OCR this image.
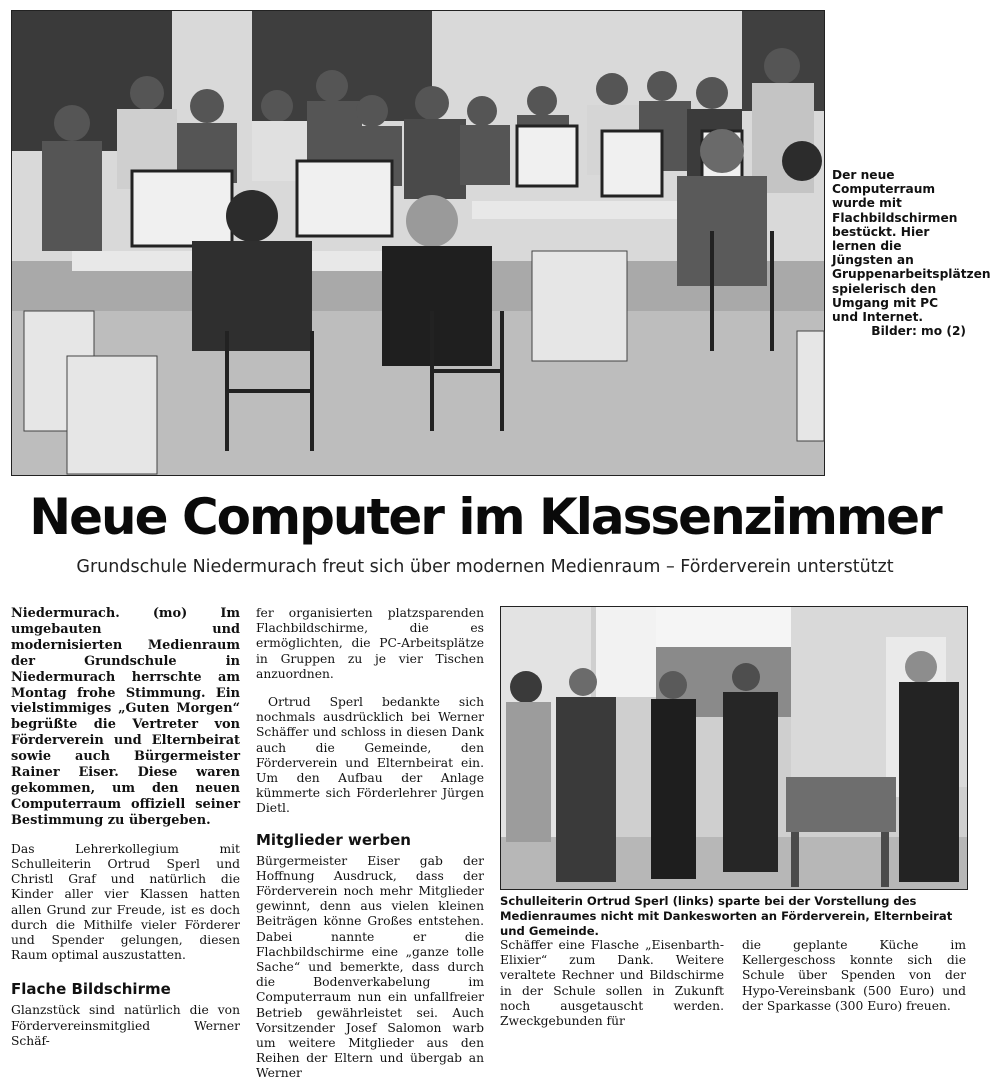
Der neue Computerraum wurde mit Flachbildschirmen bestückt. Hier lernen die Jüngsten an Gruppenarbeitsplätzen spielerisch den Umgang mit PC und Internet.
Bilder: mo (2)
Neue Computer im Klassenzimmer
Grundschule Niedermurach freut sich über modernen Medienraum – Förderverein unterstützt

Niedermurach. (mo) Im umgebauten und modernisierten Medienraum der Grundschule in Niedermurach herrschte am Montag frohe Stimmung. Ein vielstimmiges „Guten Morgen“ begrüßte die Vertreter von Förderverein und Elternbeirat sowie auch Bürgermeister Rainer Eiser. Diese waren gekommen, um den neuen Computerraum offiziell seiner Bestimmung zu übergeben.

Das Lehrerkollegium mit Schulleiterin Ortrud Sperl und Christl Graf und natürlich die Kinder aller vier Klassen hatten allen Grund zur Freude, ist es doch durch die Mithilfe vieler Förderer und Spender gelungen, diesen Raum optimal auszustatten.

Flache Bildschirme

Glanzstück sind natürlich die von Fördervereinsmitglied Werner Schäf-

fer organisierten platzsparenden Flachbildschirme, die es ermöglichten, die PC-Arbeitsplätze in Gruppen zu je vier Tischen anzuordnen.

Ortrud Sperl bedankte sich nochmals ausdrücklich bei Werner Schäffer und schloss in diesen Dank auch die Gemeinde, den Förderverein und Elternbeirat ein. Um den Aufbau der Anlage kümmerte sich Förderlehrer Jürgen Dietl.

Mitglieder werben

Bürgermeister Eiser gab der Hoffnung Ausdruck, dass der Förderverein noch mehr Mitglieder gewinnt, denn aus vielen kleinen Beiträgen könne Großes entstehen. Dabei nannte er die Flachbildschirme eine „ganze tolle Sache“ und bemerkte, dass durch die Bodenverkabelung im Computerraum nun ein unfallfreier Betrieb gewährleistet sei. Auch Vorsitzender Josef Salomon warb um weitere Mitglieder aus den Reihen der Eltern und übergab an Werner

Schulleiterin Ortrud Sperl (links) sparte bei der Vorstellung des Medienraumes nicht mit Dankesworten an Förderverein, Elternbeirat und Gemeinde.

Schäffer eine Flasche „Eisenbarth-Elixier“ zum Dank. Weitere veraltete Rechner und Bildschirme in der Schule sollen in Zukunft noch ausgetauscht werden. Zweckgebunden für

die geplante Küche im Kellergeschoss konnte sich die Schule über Spenden von der Hypo-Vereinsbank (500 Euro) und der Sparkasse (300 Euro) freuen.
